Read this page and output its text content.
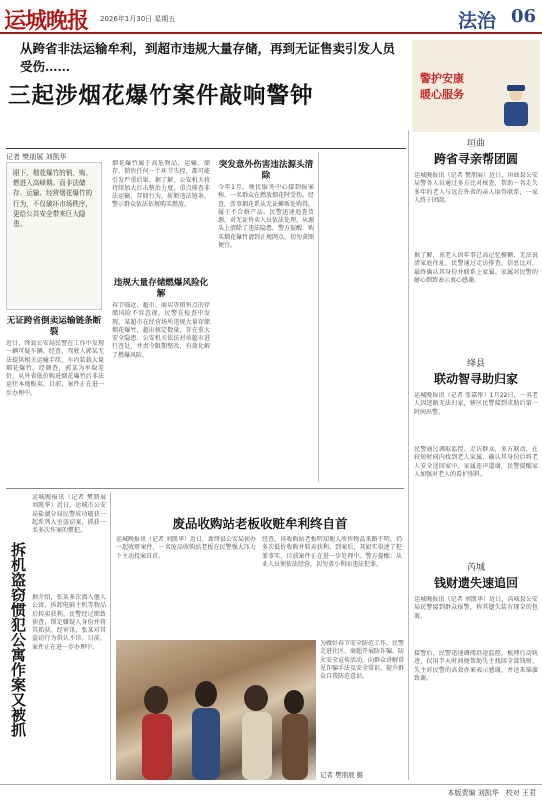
运城晚报 2026年1月30日 星期五	法治 06
从跨省非法运输牟利，到超市违规大量存储，再到无证售卖引发人员受伤……
三起涉烟花爆竹案件敲响警钟
记者 樊朋展 刘凯华
警护安康
暖心服务
眼下，烟花爆竹的销、购、燃进入高峰期。而非法储存、运输、经营烟花爆竹的行为，不仅破坏市场秩序，更给公共安全带来巨大隐患。
无证跨省倒卖运输链条断裂
近日，绛县公安局民警在工作中发现一辆可疑车辆。经查，驾驶人郭某无法提供相关运输手续，车内装载大量烟花爆竹。经调查，郭某为牟取差价，从外省低价购进烟花爆竹后非法运往本地贩卖。目前，案件正在进一步办理中。
烟花爆竹属于高危物品，运输、储存、销售任何一个环节失控，都可能引发严重后果。据了解，公安机关将持续加大打击整治力度，重点排查非法运输、存储行为，斩断违法链条，警示群众依法依规购买燃放。
违规大量存储燃爆风险化解
春节临近，超市、商店等销售点的存储风险不容忽视。民警在检查中发现，某超市在经营场所违规大量存储烟花爆竹，超出核定数量，存在重大安全隐患。公安机关依法对该超市进行查处，并责令限期整改，有效化解了燃爆风险。
突发意外伤害违法源头清除
今年1月，便民服务中心接到报案称，一名群众在燃放烟花时受伤。经查，涉事烟花系从无证摊贩处购得，属于不合格产品。民警迅速追查货源，对无证售卖人员依法处理，从源头上清除了违法隐患。警方提醒：购买烟花爆竹请到正规网点，切勿贪图便宜。
垣曲
跨省寻亲帮团圆
运城晚报讯（记者 樊朋展）近日，垣曲县公安局警务人员通过多方比对核查，帮助一名走失多年的老人与远在外省的亲人取得联系，一家人终于团圆。
据了解，该老人因年事已高记忆模糊，无法说清家庭住址。民警通过走访排查、信息比对，最终确认其身份并联系上家属。家属对民警的耐心细致表示衷心感谢。
绛县
联动智寻助归家
运城晚报讯（记者 张嘉彤）1月22日，一名老人因迷路无法归家，辖区民警接到求助后第一时间出警。
民警通过调取监控、走访群众，多方联动，在较短时间内找到老人家属，确认其身份后将老人安全送回家中。家属连声道谢，民警提醒家人加强对老人的看护照料。
芮城
钱财遗失速追回
运城晚报讯（记者 刘凯华）近日，芮城县公安局民警接到群众报警，称其遗失装有现金的包裹。
接警后，民警迅速调阅沿途监控，梳理行动轨迹，仅用半天时间便帮助失主找回全部钱财。失主对民警的高效办案表示感谢，并送来锦旗致谢。
拆机盗窃惯犯公寓作案又被抓
运城晚报讯（记者 樊朋展 刘凯华）近日，运城市公安局盐湖分局民警成功破获一起系列入室盗窃案，抓获一名多次作案的惯犯。
据介绍，张某多次潜入他人公寓，拆卸电脑主机等物品后转卖获利。民警经过细致侦查，锁定嫌疑人身份并将其抓获。经审讯，张某对其盗窃行为供认不讳。目前，案件正在进一步办理中。
废品收购站老板收赃牟利终自首
运城晚报讯（记者 刘凯华）近日，新绛县公安局侦办一起收赃案件，一名废品收购站老板在民警强大压力下主动投案自首。
经查，该收购站老板明知他人所售物品来路不明，仍多次低价收购并转卖获利。到案后，其如实供述了犯罪事实，目前案件正在进一步处理中。警方提醒：从业人员须依法经营，切勿贪小利而违法犯罪。
为做好春节安全防范工作，民警走进社区、商超开展防诈骗、防火安全宣传活动，向群众讲解常见诈骗手法及安全常识，提升群众自我防范意识。
记者 樊朋展 摄
本版责编 刘凯华　校对 王君
